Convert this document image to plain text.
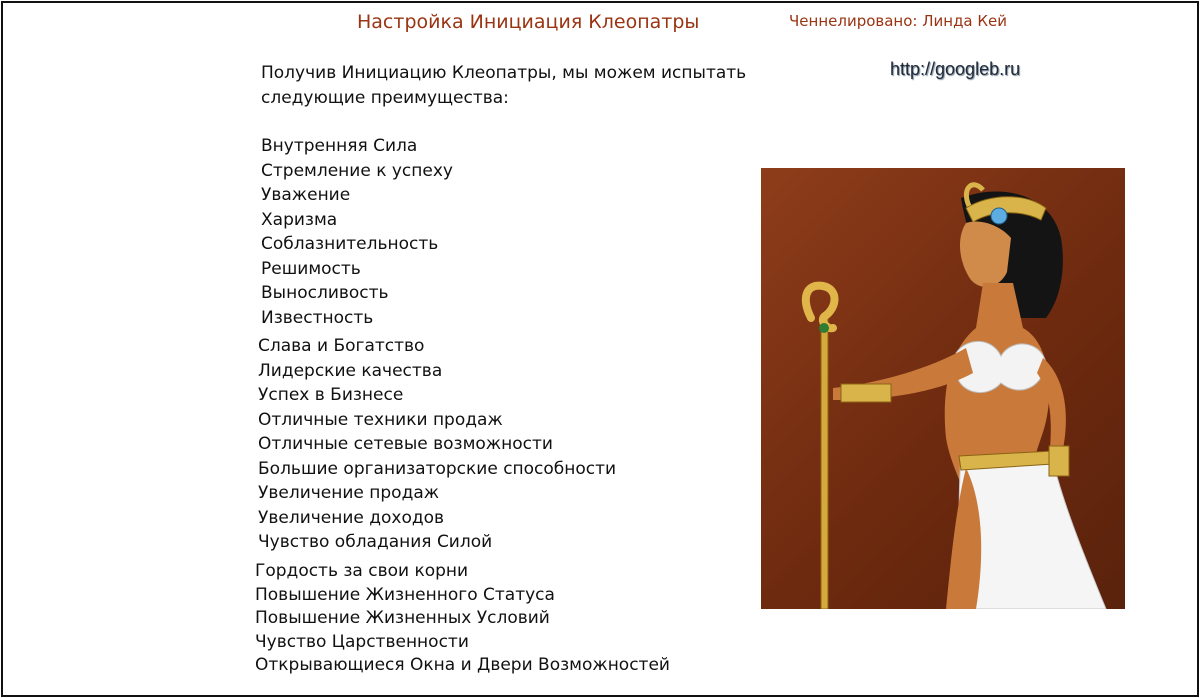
Настройка Инициация Клеопатры	Ченнелировано: Линда Кей
http://googleb.ru
Получив Инициацию Клеопатры, мы можем испытать следующие преимущества:
Внутренняя Сила
Стремление к успеху
Уважение
Харизма
Соблазнительность
Решимость
Выносливость
Известность
Слава и Богатство
Лидерские качества
Успех в Бизнесе
Отличные техники продаж
Отличные сетевые возможности
Большие организаторские способности
Увеличение продаж
Увеличение доходов
Чувство обладания Силой
Гордость за свои корни
Повышение Жизненного Статуса
Повышение Жизненных Условий
Чувство Царственности
Открывающиеся Окна и Двери Возможностей
